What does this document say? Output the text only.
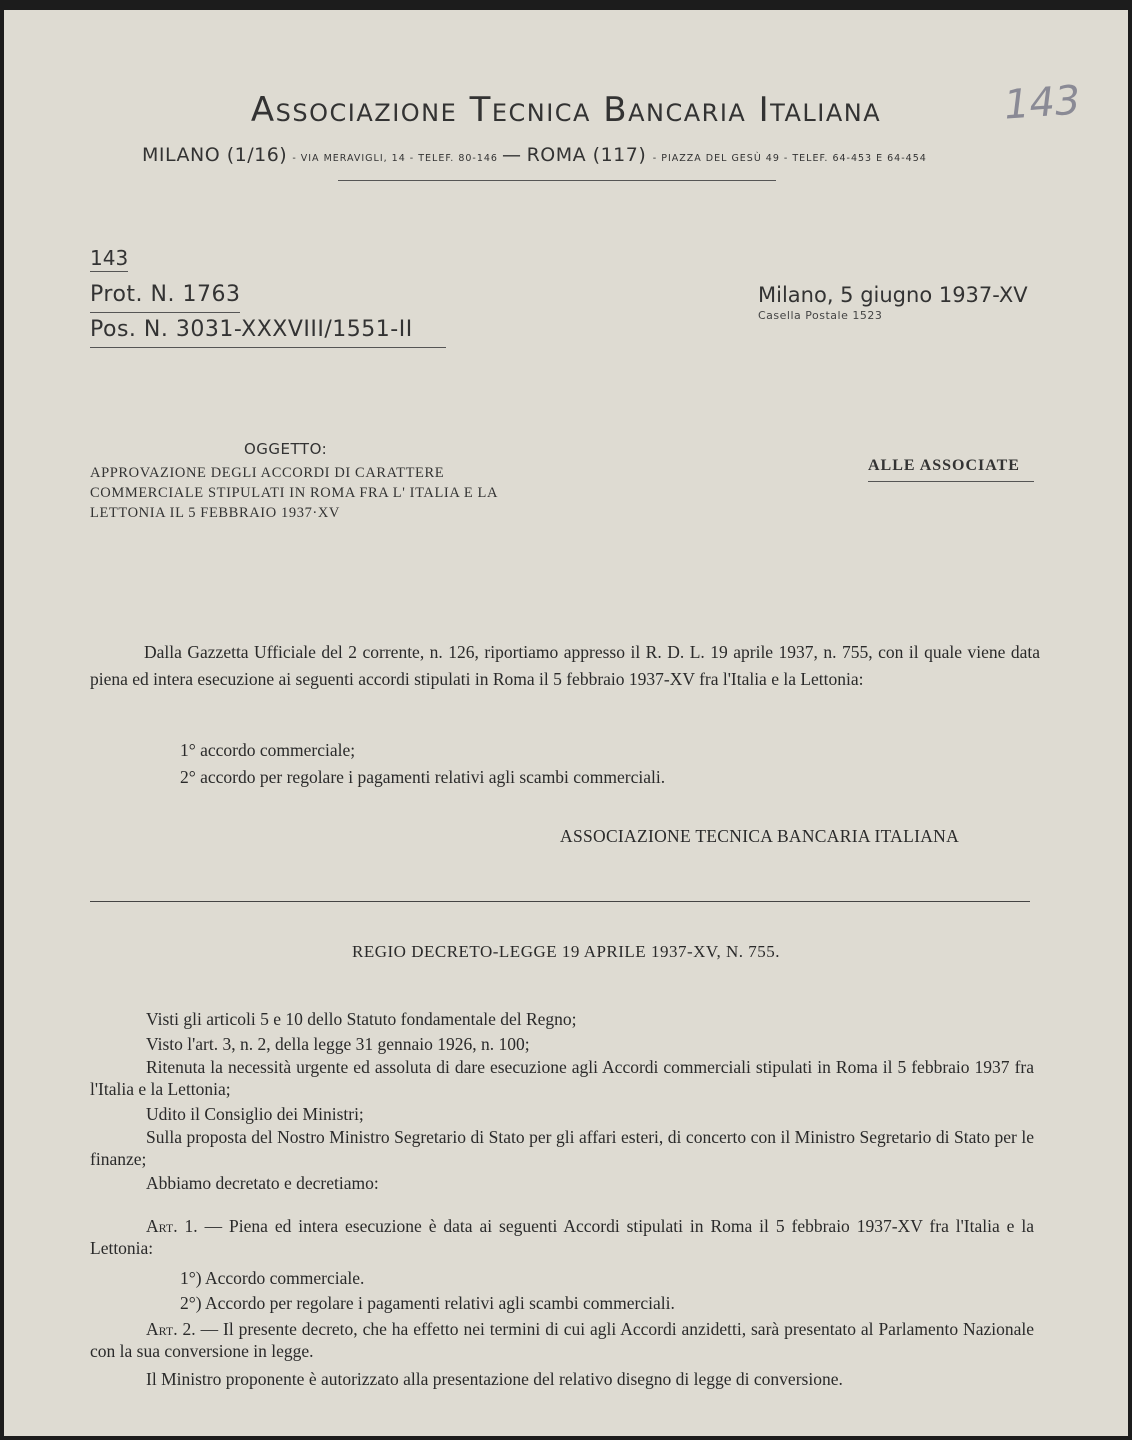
Associazione Tecnica Bancaria Italiana	143
MILANO (1/16) - VIA MERAVIGLI, 14 - TELEF. 80-146 — ROMA (117) - PIAZZA DEL GESÙ 49 - TELEF. 64-453 E 64-454
143
Prot. N. 1763
Pos. N. 3031-XXXVIII/1551-II
Milano, 5 giugno 1937-XV
Casella Postale 1523
OGGETTO:
APPROVAZIONE DEGLI ACCORDI DI CARATTERE COMMERCIALE STIPULATI IN ROMA FRA L' ITALIA E LA LETTONIA IL 5 FEBBRAIO 1937·XV
ALLE ASSOCIATE

Dalla Gazzetta Ufficiale del 2 corrente, n. 126, riportiamo appresso il R. D. L. 19 aprile 1937, n. 755, con il quale viene data piena ed intera esecuzione ai seguenti accordi stipulati in Roma il 5 febbraio 1937-XV fra l'Italia e la Lettonia:

1° accordo commerciale;
2° accordo per regolare i pagamenti relativi agli scambi commerciali.
ASSOCIAZIONE TECNICA BANCARIA ITALIANA
REGIO DECRETO-LEGGE 19 APRILE 1937-XV, N. 755.

Visti gli articoli 5 e 10 dello Statuto fondamentale del Regno;

Visto l'art. 3, n. 2, della legge 31 gennaio 1926, n. 100;

Ritenuta la necessità urgente ed assoluta di dare esecuzione agli Accordi commerciali stipulati in Roma il 5 febbraio 1937 fra l'Italia e la Lettonia;

Udito il Consiglio dei Ministri;

Sulla proposta del Nostro Ministro Segretario di Stato per gli affari esteri, di concerto con il Ministro Segretario di Stato per le finanze;

Abbiamo decretato e decretiamo:

Art. 1. — Piena ed intera esecuzione è data ai seguenti Accordi stipulati in Roma il 5 febbraio 1937-XV fra l'Italia e la Lettonia:

1°) Accordo commerciale.
2°) Accordo per regolare i pagamenti relativi agli scambi commerciali.

Art. 2. — Il presente decreto, che ha effetto nei termini di cui agli Accordi anzidetti, sarà presentato al Parlamento Nazionale con la sua conversione in legge.

Il Ministro proponente è autorizzato alla presentazione del relativo disegno di legge di conversione.
